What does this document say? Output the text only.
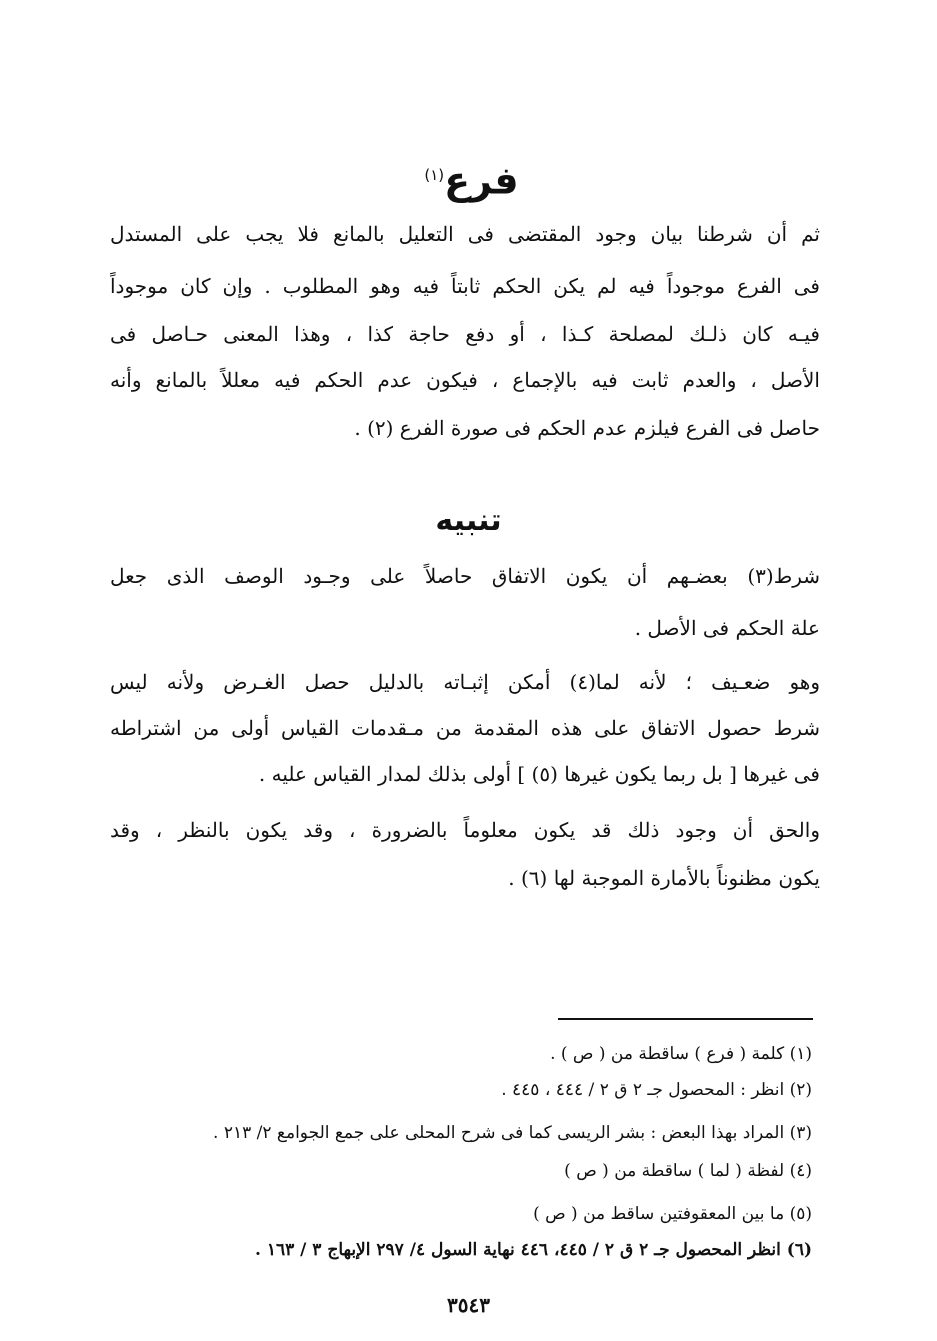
فرع$^{(١)}$
ثم أن شرطنا بيان وجود المقتضى فى التعليل بالمانع فلا يجب على المستدل
فى الفرع موجوداً فيه لم يكن الحكم ثابتاً فيه وهو المطلوب . وإن كان موجوداً
فيـه كان ذلـك لمصلحة كـذا ، أو دفع حاجة كذا ، وهذا المعنى حـاصل فى
الأصل ، والعدم ثابت فيه بالإجماع ، فيكون عدم الحكم فيه معللاً بالمانع وأنه
حاصل فى الفرع فيلزم عدم الحكم فى صورة الفرع (٢) .
تنبيه
شرط(٣) بعضـهم أن يكون الاتفاق حاصلاً على وجـود الوصف الذى جعل
علة الحكم فى الأصل .
وهو ضعـيف ؛ لأنه لما(٤) أمكن إثبـاته بالدليل حصل الغـرض ولأنه ليس
شرط حصول الاتفاق على هذه المقدمة من مـقدمات القياس أولى من اشتراطه
فى غيرها [ بل ربما يكون غيرها (٥) ] أولى بذلك لمدار القياس عليه .
والحق أن وجود ذلك قد يكون معلوماً بالضرورة ، وقد يكون بالنظر ، وقد
يكون مظنوناً بالأمارة الموجبة لها (٦) .
(١) كلمة ( فرع ) ساقطة من ( ص ) .
(٢) انظر : المحصول جـ ٢ ق ٢ / ٤٤٤ ، ٤٤٥ .
(٣) المراد بهذا البعض : بشر الريسى كما فى شرح المحلى على جمع الجوامع ٢/ ٢١٣ .
(٤) لفظة ( لما ) ساقطة من ( ص )
(٥) ما بين المعقوفتين ساقط من ( ص )
(٦) انظر المحصول جـ ٢ ق ٢ / ٤٤٥، ٤٤٦ نهاية السول ٤/ ٢٩٧ الإبهاج ٣ / ١٦٣ .
٣٥٤٣
